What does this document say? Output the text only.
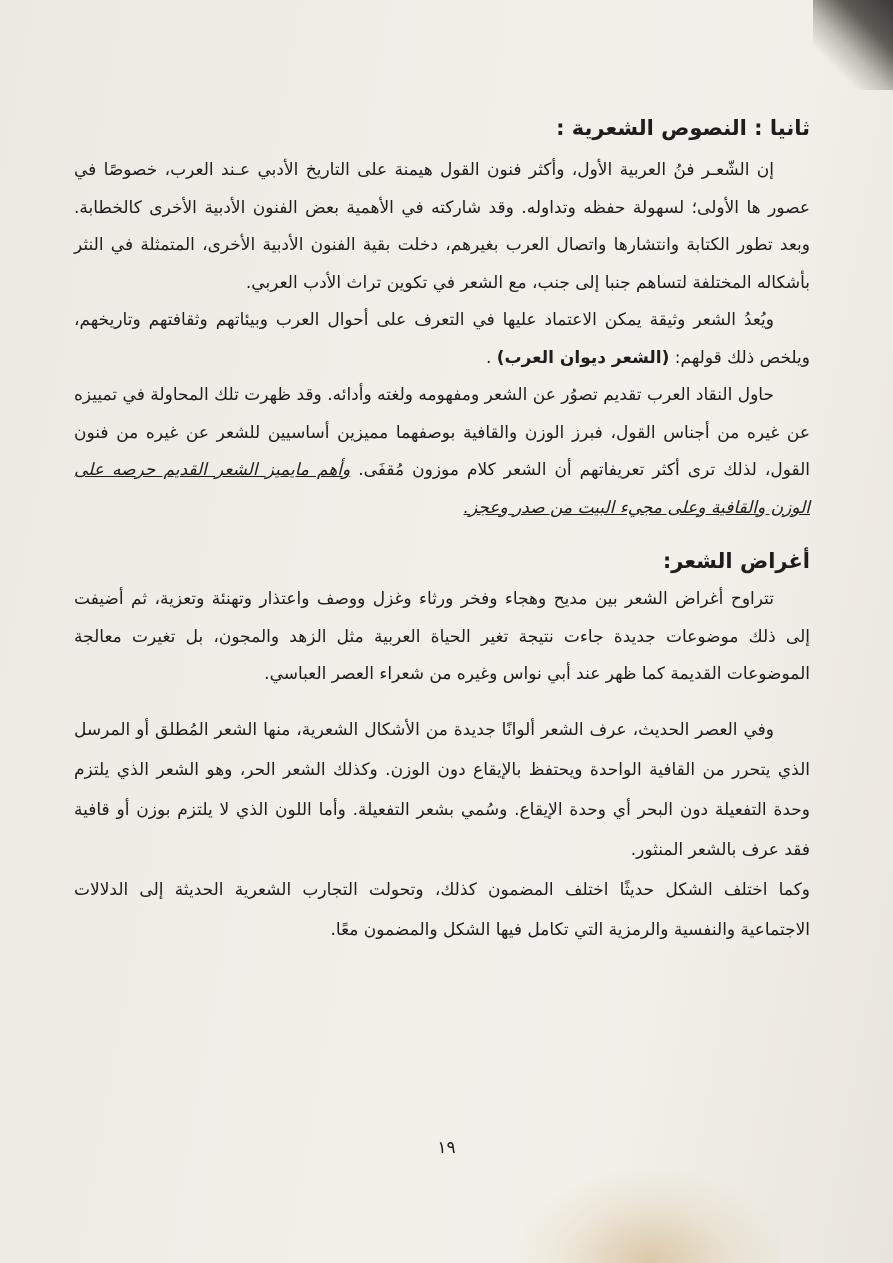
ثانيا : النصوص الشعرية :

إن الشّعـر فنُ العربية الأول، وأكثر فنون القول هيمنة على التاريخ الأدبي عـند العرب، خصوصًا في عصور ها الأولى؛ لسهولة حفظه وتداوله. وقد شاركته في الأهمية بعض الفنون الأدبية الأخرى كالخطابة. وبعد تطور الكتابة وانتشارها واتصال العرب بغيرهم، دخلت بقية الفنون الأدبية الأخرى، المتمثلة في النثر بأشكاله المختلفة لتساهم جنبا إلى جنب، مع الشعر في تكوين تراث الأدب العربي.

ويُعدُ الشعر وثيقة يمكن الاعتماد عليها في التعرف على أحوال العرب وبيئاتهم وثقافتهم وتاريخهم، ويلخص ذلك قولهم: (الشعر ديوان العرب) .

حاول النقاد العرب تقديم تصوُر عن الشعر ومفهومه ولغته وأدائه. وقد ظهرت تلك المحاولة في تمييزه عن غيره من أجناس القول، فبرز الوزن والقافية بوصفهما مميزين أساسيين للشعر عن غيره من فنون القول، لذلك ترى أكثر تعريفاتهم أن الشعر كلام موزون مُقفَى. وأهم مايميز الشعر القديم حرصه على الوزن والقافية وعلى مجيء البيت من صدر وعجز.

أغراض الشعر:

تتراوح أغراض الشعر بين مديح وهجاء وفخر ورثاء وغزل ووصف واعتذار وتهنئة وتعزية، ثم أضيفت إلى ذلك موضوعات جديدة جاءت نتيجة تغير الحياة العربية مثل الزهد والمجون، بل تغيرت معالجة الموضوعات القديمة كما ظهر عند أبي نواس وغيره من شعراء العصر العباسي.

وفي العصر الحديث، عرف الشعر ألوانًا جديدة من الأشكال الشعرية، منها الشعر المُطلق أو المرسل الذي يتحرر من القافية الواحدة ويحتفظ بالإيقاع دون الوزن. وكذلك الشعر الحر، وهو الشعر الذي يلتزم وحدة التفعيلة دون البحر أي وحدة الإيقاع. وسُمي بشعر التفعيلة. وأما اللون الذي لا يلتزم بوزن أو قافية فقد عرف بالشعر المنثور.

وكما اختلف الشكل حديثًا اختلف المضمون كذلك، وتحولت التجارب الشعرية الحديثة إلى الدلالات الاجتماعية والنفسية والرمزية التي تكامل فيها الشكل والمضمون معًا.

١٩
